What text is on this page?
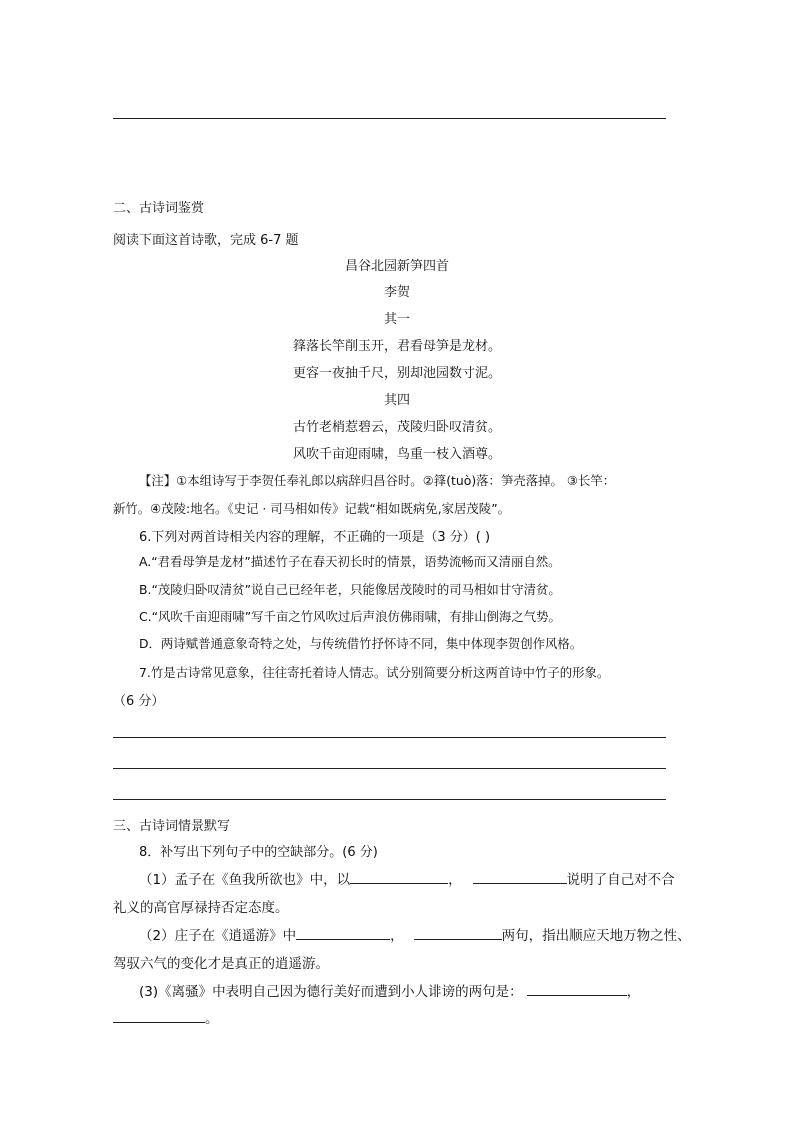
二、古诗词鉴赏
阅读下面这首诗歌，完成 6-7 题
昌谷北园新笋四首
李贺
其一
箨落长竿削玉开，君看母笋是龙材。
更容一夜抽千尺，别却池园数寸泥。
其四
古竹老梢惹碧云，茂陵归卧叹清贫。
风吹千亩迎雨啸，鸟重一枝入酒尊。
【注】①本组诗写于李贺任奉礼郎以病辞归昌谷时。②箨(tuò)落：笋壳落掉。 ③长竿：
新竹。④茂陵:地名。《史记 · 司马相如传》记载“相如既病免,家居茂陵”。
6.下列对两首诗相关内容的理解，不正确的一项是（3 分）( )
A.“君看母笋是龙材”描述竹子在春天初长时的情景，语势流畅而又清丽自然。
B.“茂陵归卧叹清贫”说自己已经年老，只能像居茂陵时的司马相如甘守清贫。
C.“风吹千亩迎雨啸”写千亩之竹风吹过后声浪仿佛雨啸，有排山倒海之气势。
D．两诗赋普通意象奇特之处，与传统借竹抒怀诗不同，集中体现李贺创作风格。
7.竹是古诗常见意象，往往寄托着诗人情志。试分别简要分析这两首诗中竹子的形象。
（6 分）
三、古诗词情景默写
8．补写出下列句子中的空缺部分。(6 分)
（1）孟子在《鱼我所欲也》中，以	，	说明了自己对不合
礼义的高官厚禄持否定态度。
（2）庄子在《逍遥游》中	，	两句，指出顺应天地万物之性、
驾驭六气的变化才是真正的逍遥游。
(3)《离骚》中表明自己因为德行美好而遭到小人诽谤的两句是：	，
。
